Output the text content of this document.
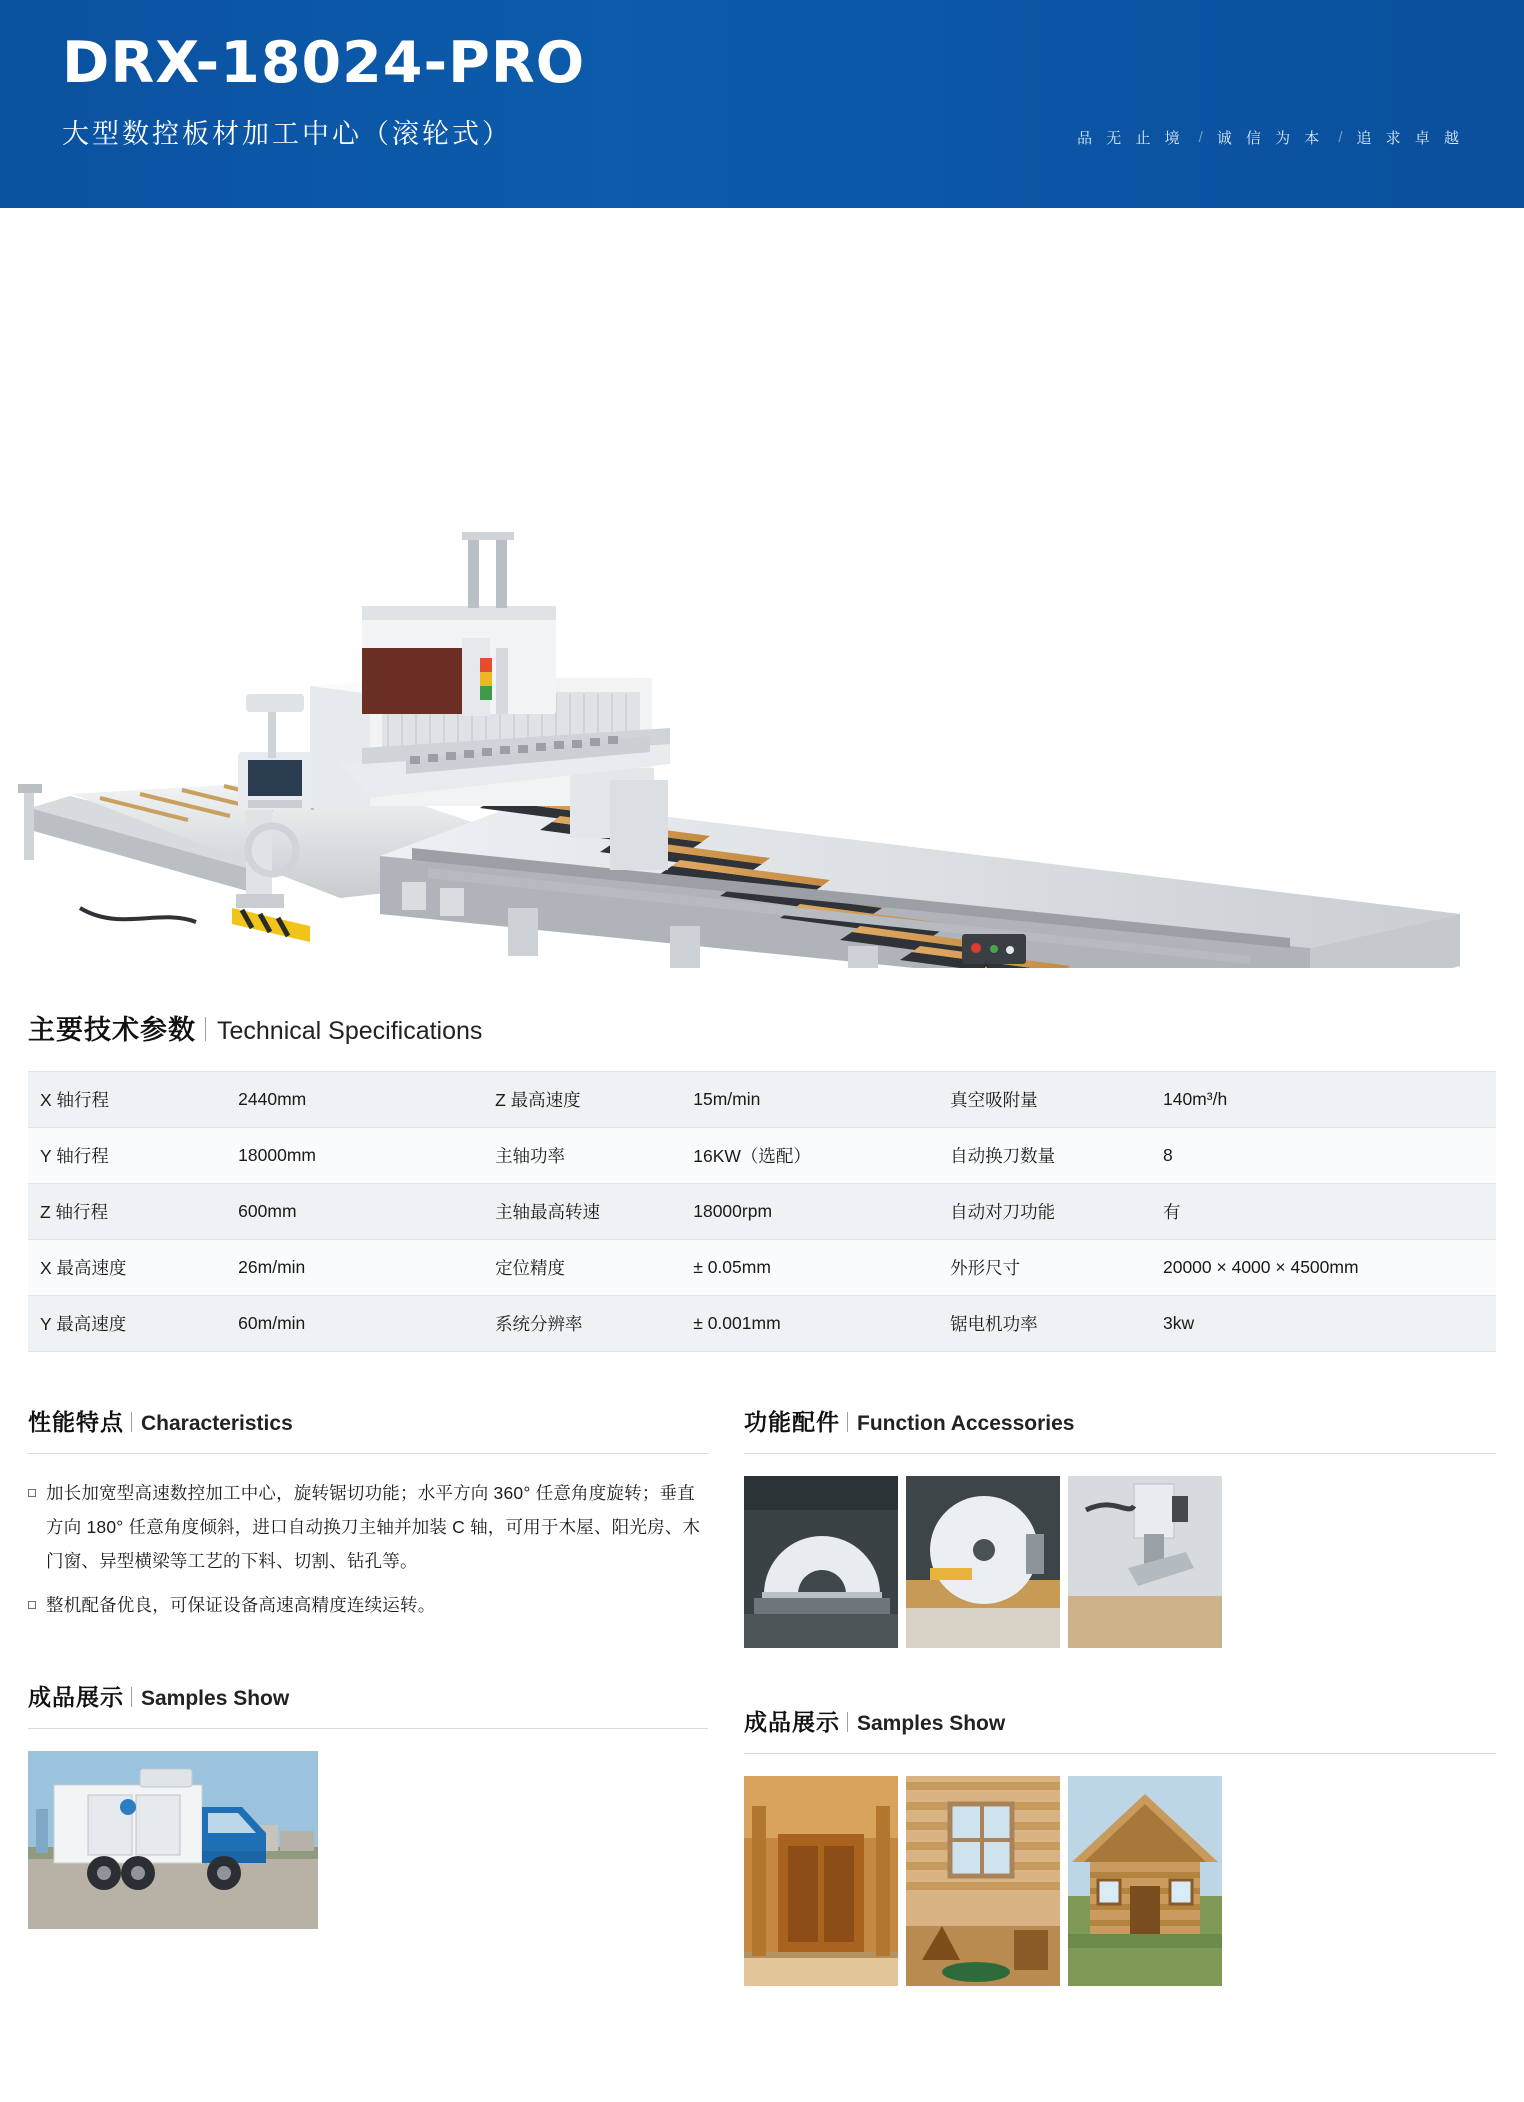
DRX-18024-PRO
大型数控板材加工中心（滚轮式）	品 无 止 境 / 诚 信 为 本 / 追 求 卓 越
主要技术参数 Technical Specifications
X 轴行程	2440mm	Z 最高速度	15m/min	真空吸附量	140m³/h
Y 轴行程	18000mm	主轴功率	16KW（选配）	自动换刀数量	8
Z 轴行程	600mm	主轴最高转速	18000rpm	自动对刀功能	有
X 最高速度	26m/min	定位精度	± 0.05mm	外形尺寸	20000 × 4000 × 4500mm
Y 最高速度	60m/min	系统分辨率	± 0.001mm	锯电机功率	3kw
性能特点 Characteristics
加长加宽型高速数控加工中心，旋转锯切功能；水平方向 360° 任意角度旋转；垂直方向 180° 任意角度倾斜，进口自动换刀主轴并加装 C 轴，可用于木屋、阳光房、木门窗、异型横梁等工艺的下料、切割、钻孔等。
整机配备优良，可保证设备高速高精度连续运转。
成品展示 Samples Show
功能配件 Function Accessories
成品展示 Samples Show
